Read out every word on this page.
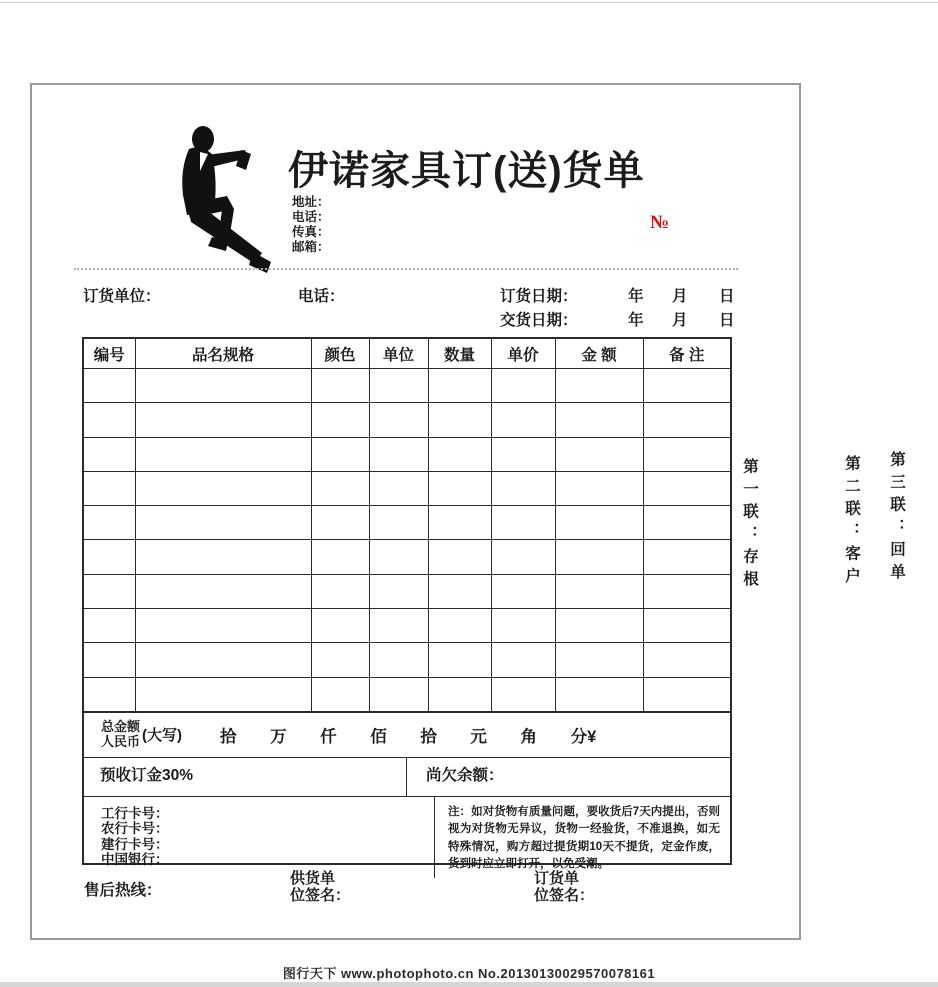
伊诺家具订(送)货单
地址：
电话：
传真：
邮箱：
№
订货单位：	电话：	订货日期：	年 月 日
交货日期：	年 月 日
编号	品名规格	颜色	单位	数量	单价	金 额	备 注

总金额
人民币 (大写) 拾 万 仟 佰 拾 元 角 分¥
预收订金30%	尚欠余额：
工行卡号：
农行卡号：
建行卡号：
中国银行：
注：如对货物有质量问题，要收货后7天内提出，否则视为对货物无异议，货物一经验货，不准退换，如无特殊情况，购方超过提货期10天不提货，定金作废，货到时应立即打开，以免受潮。
售后热线：
供货单
位签名：
订货单
位签名：
第一联：存根	第二联：客户 第三联：回单
图行天下 www.photophoto.cn No.20130130029570078161
